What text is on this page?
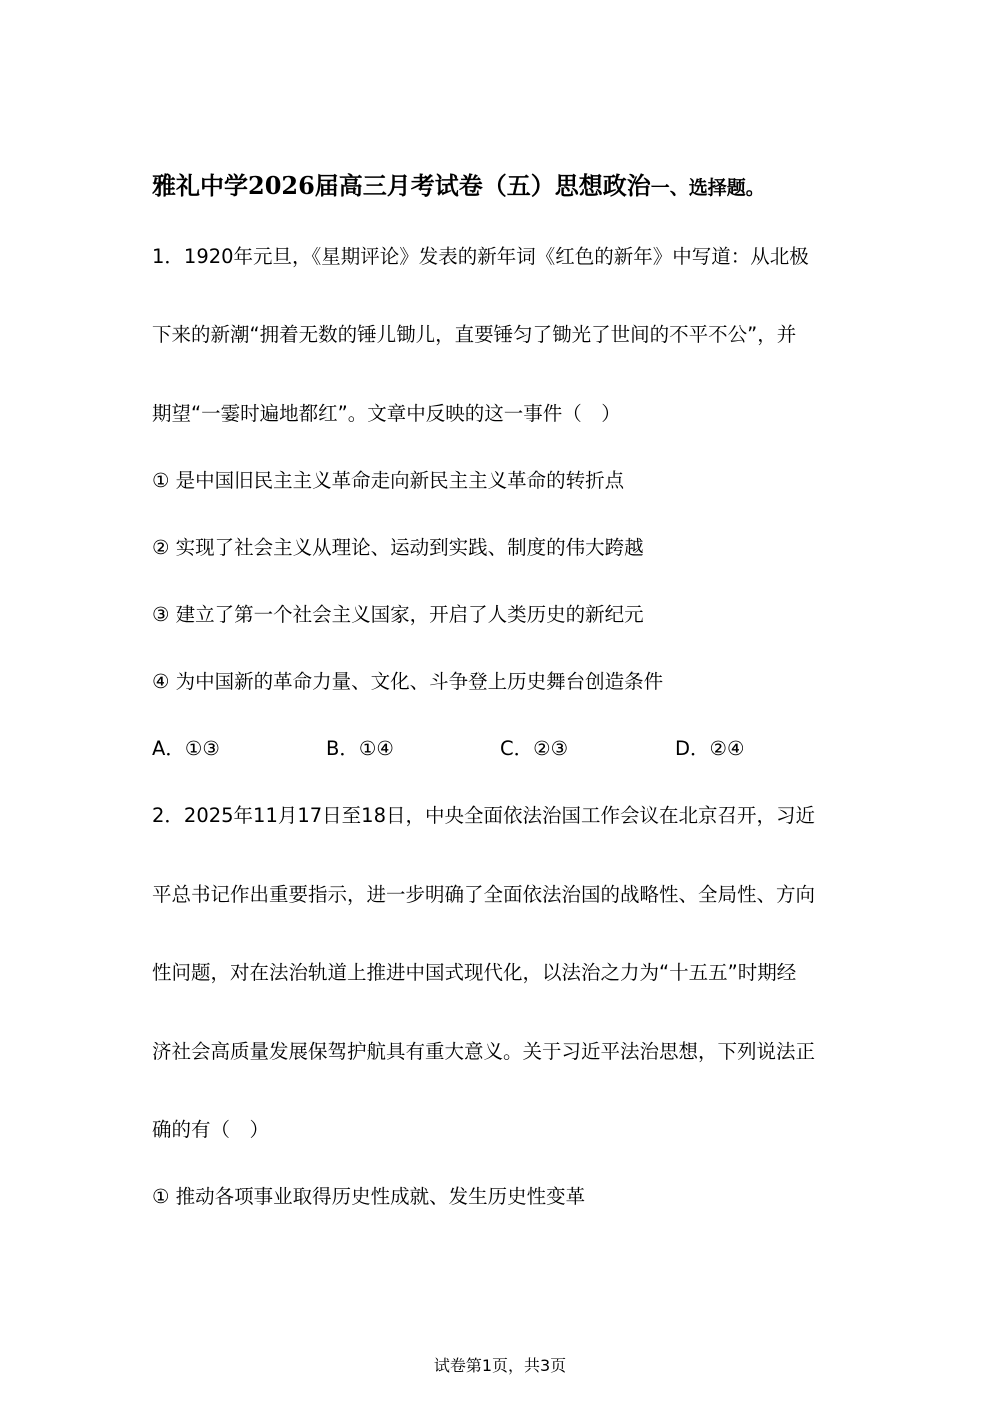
雅礼中学2026届高三月考试卷（五）思想政治一、选择题。
1．1920年元旦，《星期评论》发表的新年词《红色的新年》中写道：从北极
下来的新潮“拥着无数的锤儿锄儿，直要锤匀了锄光了世间的不平不公”，并
期望“一霎时遍地都红”。文章中反映的这一事件（　）
① 是中国旧民主主义革命走向新民主主义革命的转折点
② 实现了社会主义从理论、运动到实践、制度的伟大跨越
③ 建立了第一个社会主义国家，开启了人类历史的新纪元
④ 为中国新的革命力量、文化、斗争登上历史舞台创造条件
A．①③	B．①④	C．②③	D．②④
2．2025年11月17日至18日，中央全面依法治国工作会议在北京召开，习近
平总书记作出重要指示，进一步明确了全面依法治国的战略性、全局性、方向
性问题，对在法治轨道上推进中国式现代化，以法治之力为“十五五”时期经
济社会高质量发展保驾护航具有重大意义。关于习近平法治思想，下列说法正
确的有（　）
① 推动各项事业取得历史性成就、发生历史性变革
试卷第1页，共3页
